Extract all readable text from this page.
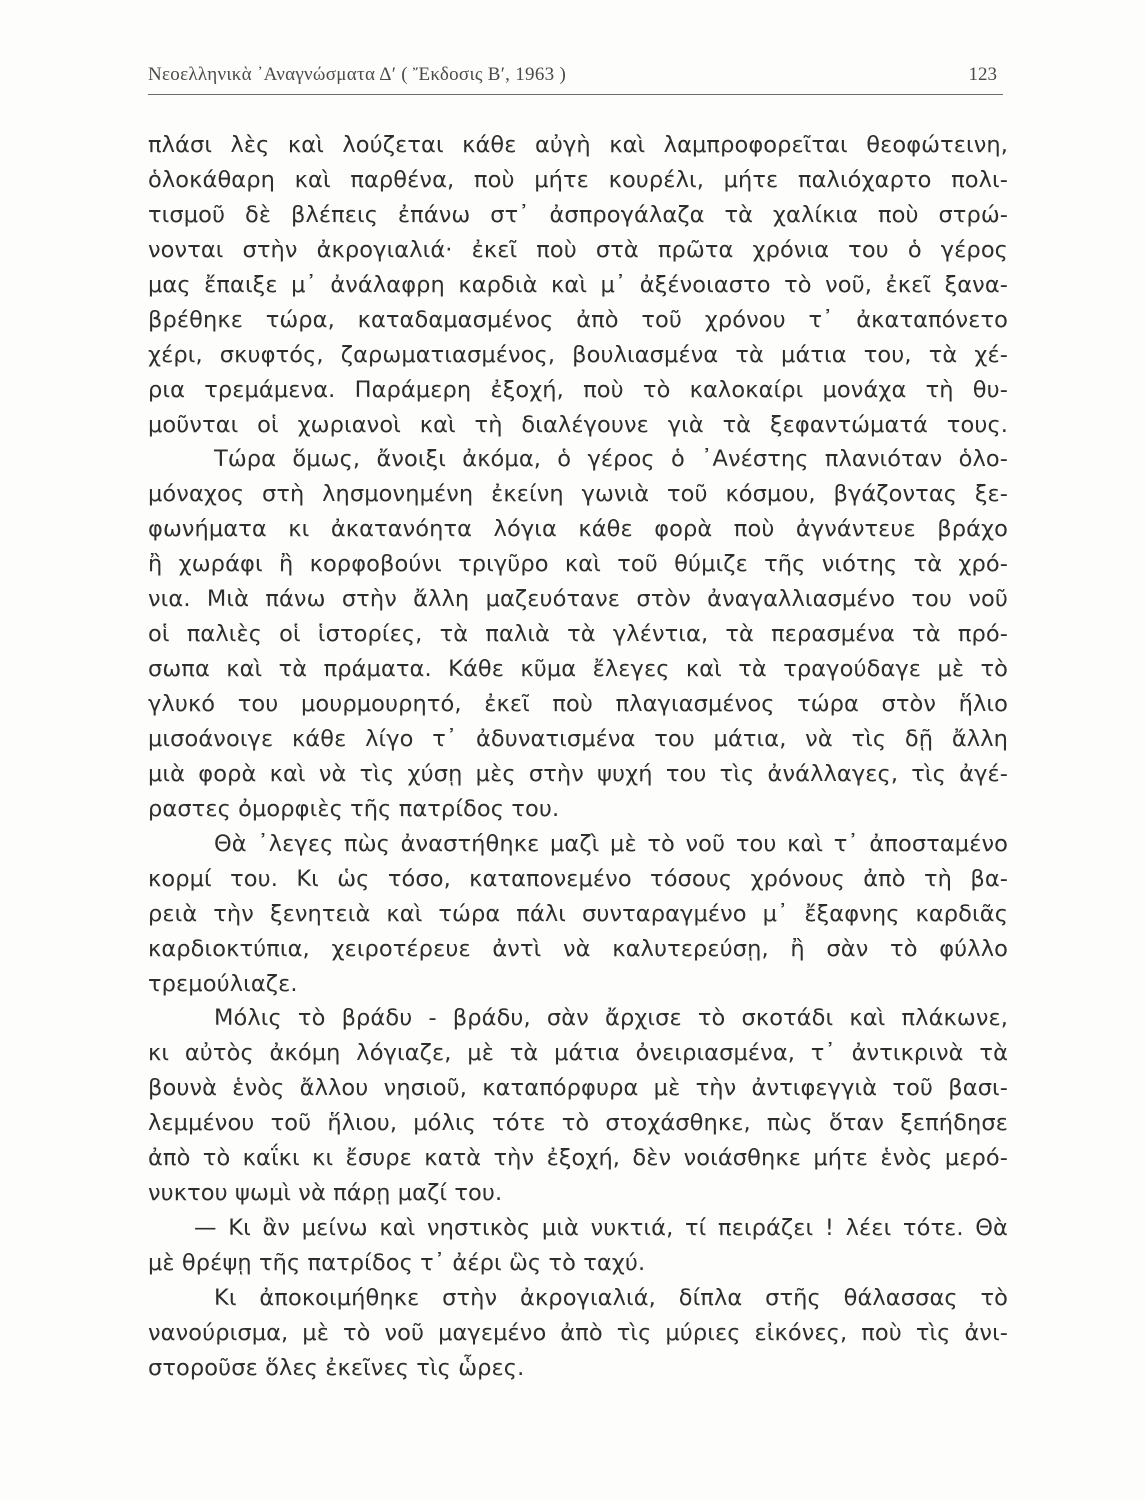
Νεοελληνικὰ ᾿Αναγνώσματα Δ′ ( Ἔκδοσις Β′, 1963 )	123
πλάσι λὲς καὶ λούζεται κάθε αὐγὴ καὶ λαμπροφορεῖται θεοφώτεινη,
ὁλοκάθαρη καὶ παρθένα, ποὺ μήτε κουρέλι, μήτε παλιόχαρτο πολι-
τισμοῦ δὲ βλέπεις ἐπάνω στ᾿ ἀσπρογάλαζα τὰ χαλίκια ποὺ στρώ-
νονται στὴν ἀκρογιαλιά· ἐκεῖ ποὺ στὰ πρῶτα χρόνια του ὁ γέρος
μας ἔπαιξε μ᾿ ἀνάλαφρη καρδιὰ καὶ μ᾿ ἀξένοιαστο τὸ νοῦ, ἐκεῖ ξανα-
βρέθηκε τώρα, καταδαμασμένος ἀπὸ τοῦ χρόνου τ᾿ ἀκαταπόνετο
χέρι, σκυφτός, ζαρωματιασμένος, βουλιασμένα τὰ μάτια του, τὰ χέ-
ρια τρεμάμενα. Παράμερη ἐξοχή, ποὺ τὸ καλοκαίρι μονάχα τὴ θυ-
μοῦνται οἱ χωριανοὶ καὶ τὴ διαλέγουνε γιὰ τὰ ξεφαντώματά τους.
Τώρα ὅμως, ἄνοιξι ἀκόμα, ὁ γέρος ὁ ᾿Ανέστης πλανιόταν ὁλο-
μόναχος στὴ λησμονημένη ἐκείνη γωνιὰ τοῦ κόσμου, βγάζοντας ξε-
φωνήματα κι ἀκατανόητα λόγια κάθε φορὰ ποὺ ἀγνάντευε βράχο
ἢ χωράφι ἢ κορφοβούνι τριγῦρο καὶ τοῦ θύμιζε τῆς νιότης τὰ χρό-
νια. Μιὰ πάνω στὴν ἄλλη μαζευότανε στὸν ἀναγαλλιασμένο του νοῦ
οἱ παλιὲς οἱ ἱστορίες, τὰ παλιὰ τὰ γλέντια, τὰ περασμένα τὰ πρό-
σωπα καὶ τὰ πράματα. Κάθε κῦμα ἔλεγες καὶ τὰ τραγούδαγε μὲ τὸ
γλυκό του μουρμουρητό, ἐκεῖ ποὺ πλαγιασμένος τώρα στὸν ἥλιο
μισοάνοιγε κάθε λίγο τ᾿ ἀδυνατισμένα του μάτια, νὰ τὶς δῇ ἄλλη
μιὰ φορὰ καὶ νὰ τὶς χύσῃ μὲς στὴν ψυχή του τὶς ἀνάλλαγες, τὶς ἀγέ-
ραστες ὀμορφιὲς τῆς πατρίδος του.
Θὰ ᾿λεγες πὼς ἀναστήθηκε μαζὶ μὲ τὸ νοῦ του καὶ τ᾿ ἀποσταμένο
κορμί του. Κι ὡς τόσο, καταπονεμένο τόσους χρόνους ἀπὸ τὴ βα-
ρειὰ τὴν ξενητειὰ καὶ τώρα πάλι συνταραγμένο μ᾿ ἔξαφνης καρδιᾶς
καρδιοκτύπια, χειροτέρευε ἀντὶ νὰ καλυτερεύσῃ, ἢ σὰν τὸ φύλλο
τρεμούλιαζε.
Μόλις τὸ βράδυ - βράδυ, σὰν ἄρχισε τὸ σκοτάδι καὶ πλάκωνε,
κι αὐτὸς ἀκόμη λόγιαζε, μὲ τὰ μάτια ὀνειριασμένα, τ᾿ ἀντικρινὰ τὰ
βουνὰ ἑνὸς ἄλλου νησιοῦ, καταπόρφυρα μὲ τὴν ἀντιφεγγιὰ τοῦ βασι-
λεμμένου τοῦ ἥλιου, μόλις τότε τὸ στοχάσθηκε, πὼς ὅταν ξεπήδησε
ἀπὸ τὸ καΐκι κι ἔσυρε κατὰ τὴν ἐξοχή, δὲν νοιάσθηκε μήτε ἑνὸς μερό-
νυκτου ψωμὶ νὰ πάρῃ μαζί του.
— Κι ἂν μείνω καὶ νηστικὸς μιὰ νυκτιά, τί πειράζει ! λέει τότε. Θὰ
μὲ θρέψῃ τῆς πατρίδος τ᾿ ἀέρι ὣς τὸ ταχύ.
Κι ἀποκοιμήθηκε στὴν ἀκρογιαλιά, δίπλα στῆς θάλασσας τὸ
νανούρισμα, μὲ τὸ νοῦ μαγεμένο ἀπὸ τὶς μύριες εἰκόνες, ποὺ τὶς ἀνι-
στοροῦσε ὅλες ἐκεῖνες τὶς ὧρες.
